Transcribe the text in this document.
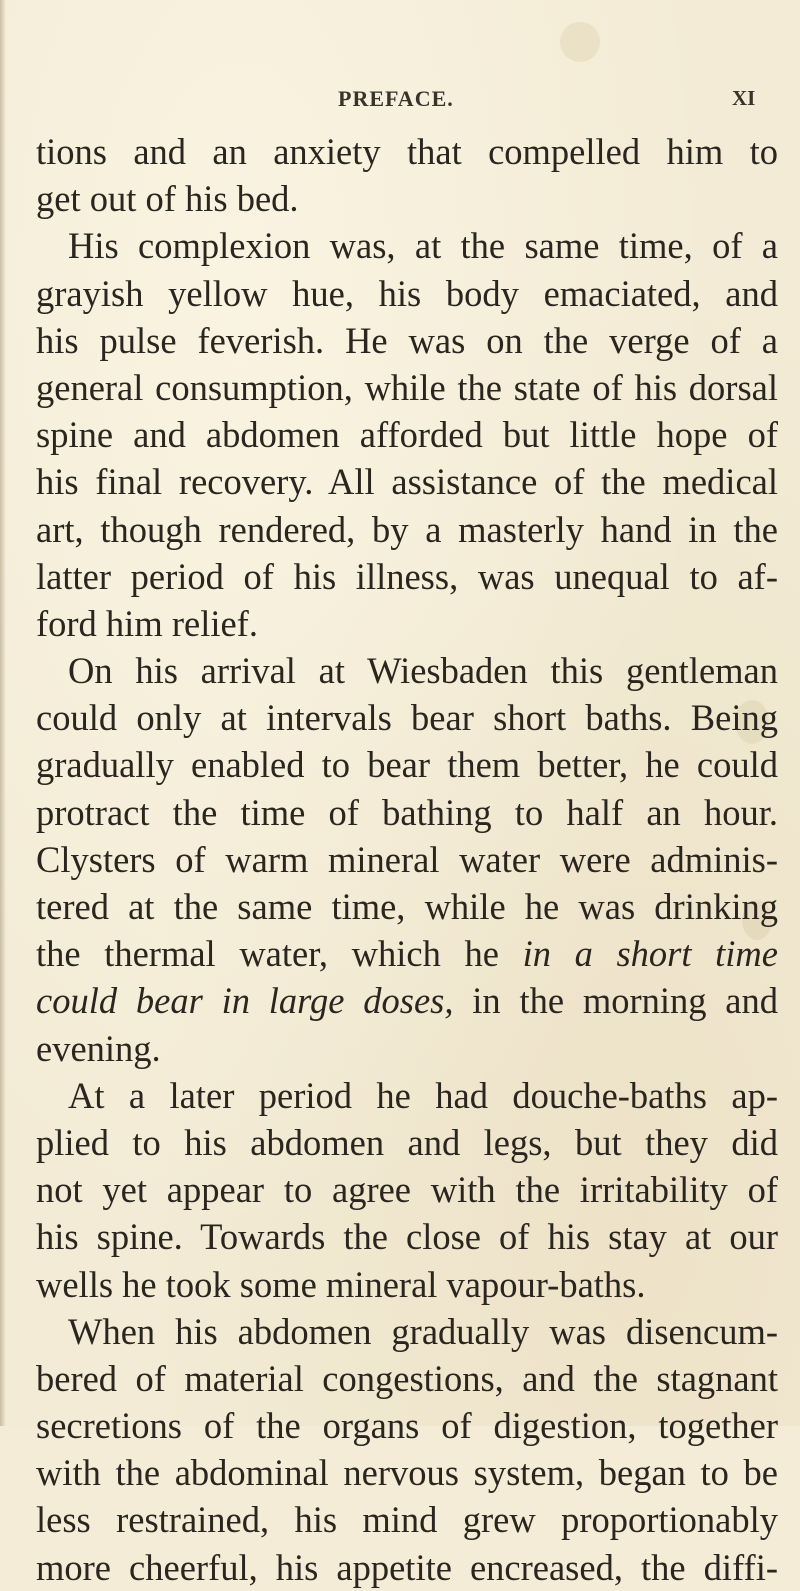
PREFACE.	XI
tions and an anxiety that compelled him to
get out of his bed.
His complexion was, at the same time, of a
grayish yellow hue, his body emaciated, and
his pulse feverish. He was on the verge of a
general consumption, while the state of his dorsal
spine and abdomen afforded but little hope of
his final recovery. All assistance of the medical
art, though rendered, by a masterly hand in the
latter period of his illness, was unequal to af-
ford him relief.
On his arrival at Wiesbaden this gentleman
could only at intervals bear short baths. Being
gradually enabled to bear them better, he could
protract the time of bathing to half an hour.
Clysters of warm mineral water were adminis-
tered at the same time, while he was drinking
the thermal water, which he in a short time
could bear in large doses, in the morning and
evening.
At a later period he had douche-baths ap-
plied to his abdomen and legs, but they did
not yet appear to agree with the irritability of
his spine. Towards the close of his stay at our
wells he took some mineral vapour-baths.
When his abdomen gradually was disencum-
bered of material congestions, and the stagnant
secretions of the organs of digestion, together
with the abdominal nervous system, began to be
less restrained, his mind grew proportionably
more cheerful, his appetite encreased, the diffi-
